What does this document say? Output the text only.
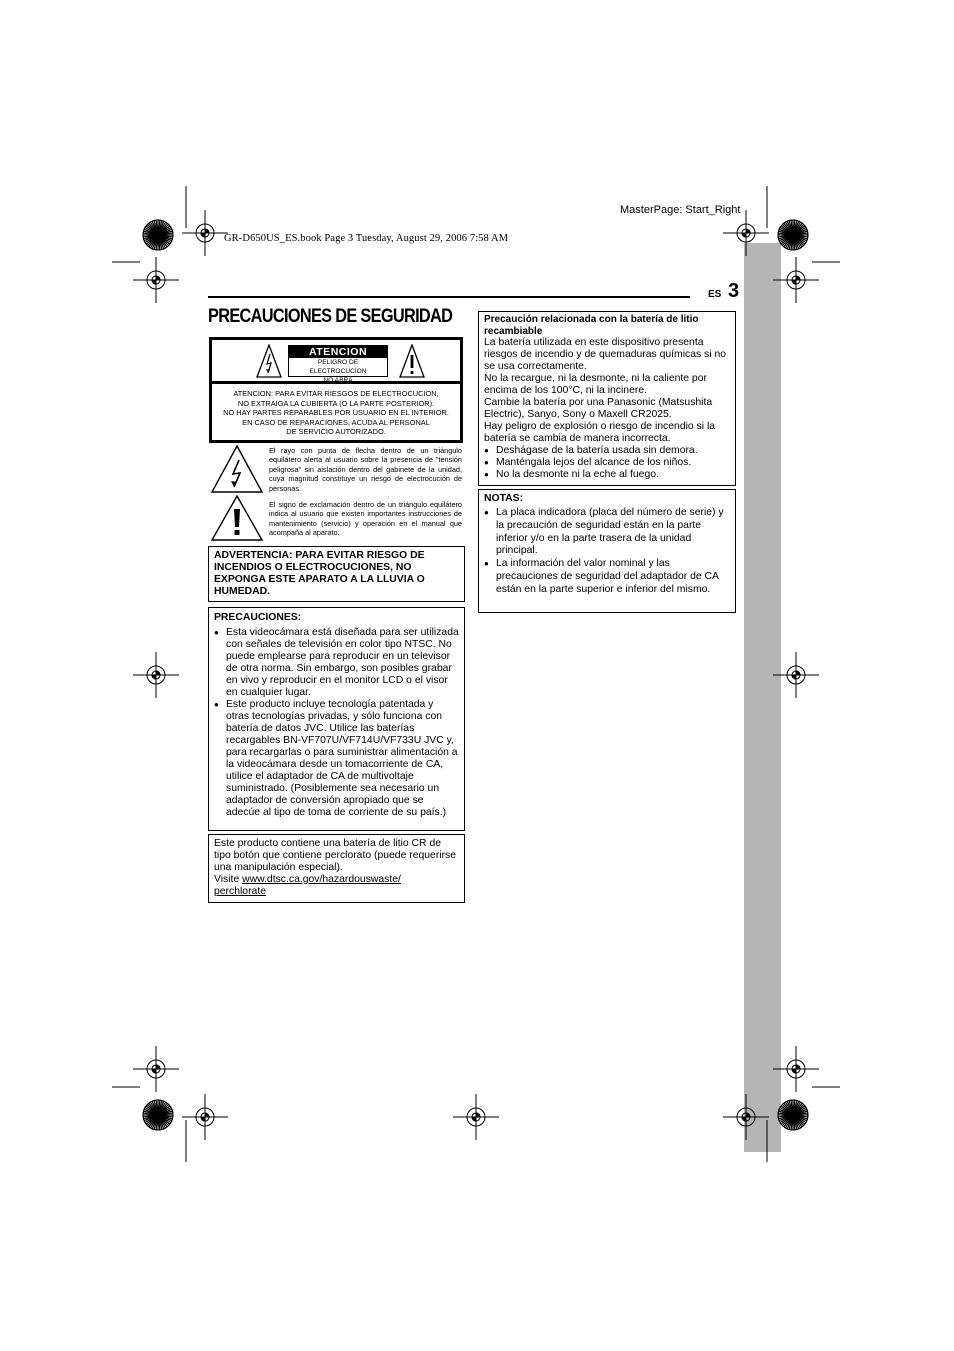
MasterPage: Start_Right
GR-D650US_ES.book Page 3 Tuesday, August 29, 2006 7:58 AM
ES 3
PRECAUCIONES DE SEGURIDAD
ATENCION
PELIGRO DE ELECTROCUCION
NO ABRA
ATENCION: PARA EVITAR RIESGOS DE ELECTROCUCION,
NO EXTRAIGA LA CUBIERTA (O LA PARTE POSTERIOR).
NO HAY PARTES REPARABLES POR USUARIO EN EL INTERIOR.
EN CASO DE REPARACIONES, ACUDA AL PERSONAL
DE SERVICIO AUTORIZADO.
El rayo con punta de flecha dentro de un triángulo equilátero alerta al usuario sobre la presencia de "tensión peligrosa" sin aislación dentro del gabinete de la unidad, cuya magnitud constituye un riesgo de electrocución de personas.
El signo de exclamación dentro de un triángulo equilátero indica al usuario que existen importantes instrucciones de mantenimiento (servicio) y operación en el manual que acompaña al aparato.
ADVERTENCIA: PARA EVITAR RIESGO DE INCENDIOS O ELECTROCUCIONES, NO EXPONGA ESTE APARATO A LA LLUVIA O HUMEDAD.
PRECAUCIONES:
● Esta videocámara está diseñada para ser utilizada con señales de televisión en color tipo NTSC. No puede emplearse para reproducir en un televisor de otra norma. Sin embargo, son posibles grabar en vivo y reproducir en el monitor LCD o el visor en cualquier lugar.
● Este producto incluye tecnología patentada y otras tecnologías privadas, y sólo funciona con batería de datos JVC. Utilice las baterías recargables BN-VF707U/VF714U/VF733U JVC y, para recargarlas o para suministrar alimentación a la videocámara desde un tomacorriente de CA, utilice el adaptador de CA de multivoltaje suministrado. (Posiblemente sea necesario un adaptador de conversión apropiado que se adecúe al tipo de toma de corriente de su país.)
Este producto contiene una batería de litio CR de tipo botón que contiene perclorato (puede requerirse una manipulación especial).
Visite www.dtsc.ca.gov/hazardouswaste/
perchlorate
Precaución relacionada con la batería de litio recambiable
La batería utilizada en este dispositivo presenta riesgos de incendio y de quemaduras químicas si no se usa correctamente.
No la recargue, ni la desmonte, ni la caliente por encima de los 100°C, ni la incinere.
Cambie la batería por una Panasonic (Matsushita Electric), Sanyo, Sony o Maxell CR2025.
Hay peligro de explosión o riesgo de incendio si la batería se cambia de manera incorrecta.
● Deshágase de la batería usada sin demora.
● Manténgala lejos del alcance de los niños.
● No la desmonte ni la eche al fuego.
NOTAS:
● La placa indicadora (placa del número de serie) y la precaución de seguridad están en la parte inferior y/o en la parte trasera de la unidad principal.
● La información del valor nominal y las precauciones de seguridad del adaptador de CA están en la parte superior e inferior del mismo.
